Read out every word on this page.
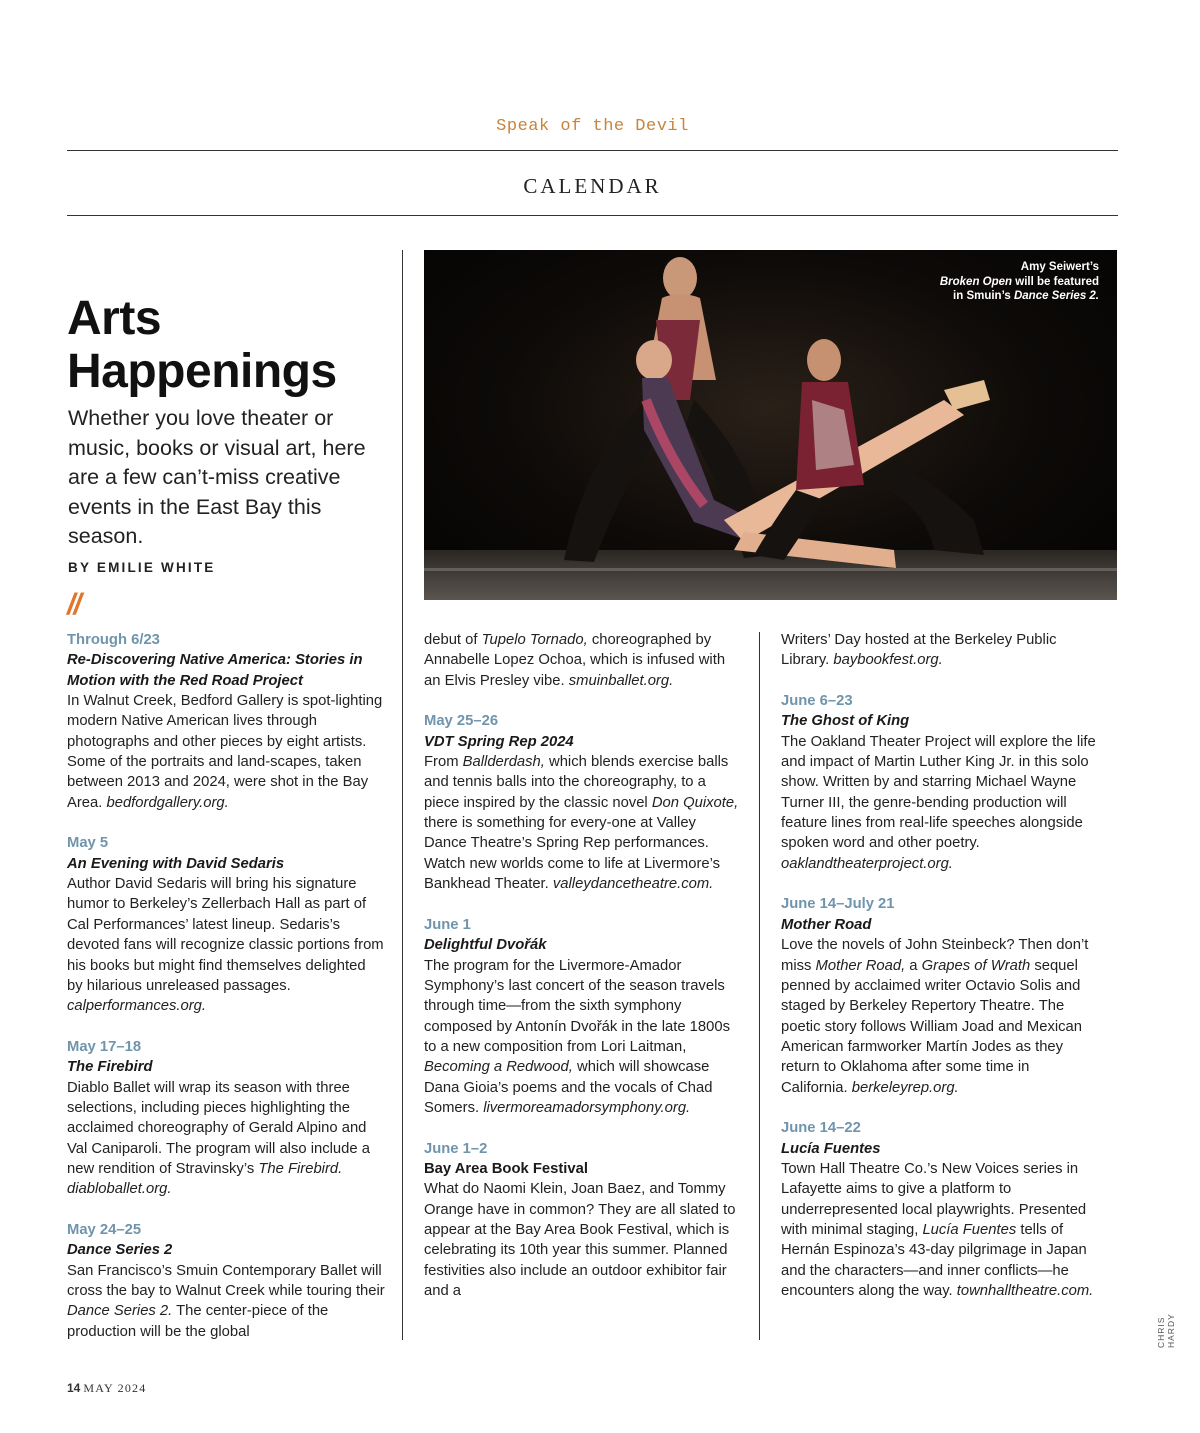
Speak of the Devil
CALENDAR
Arts
Happenings
Whether you love theater or music, books or visual art, here are a few can’t-miss creative events in the East Bay this season.
BY EMILIE WHITE
//
Amy Seiwert’s
Broken Open will be featured in Smuin’s Dance Series 2.
Through 6/23
Re-Discovering Native America: Stories in Motion with the Red Road Project
In Walnut Creek, Bedford Gallery is spot-lighting modern Native American lives through photographs and other pieces by eight artists. Some of the portraits and land-scapes, taken between 2013 and 2024, were shot in the Bay Area. bedfordgallery.org.
May 5
An Evening with David Sedaris
Author David Sedaris will bring his signature humor to Berkeley’s Zellerbach Hall as part of Cal Performances’ latest lineup. Sedaris’s devoted fans will recognize classic portions from his books but might find themselves delighted by hilarious unreleased passages. calperformances.org.
May 17–18
The Firebird
Diablo Ballet will wrap its season with three selections, including pieces highlighting the acclaimed choreography of Gerald Alpino and Val Caniparoli. The program will also include a new rendition of Stravinsky’s The Firebird. diabloballet.org.
May 24–25
Dance Series 2
San Francisco’s Smuin Contemporary Ballet will cross the bay to Walnut Creek while touring their Dance Series 2. The center-piece of the production will be the global
debut of Tupelo Tornado, choreographed by Annabelle Lopez Ochoa, which is infused with an Elvis Presley vibe. smuinballet.org.
May 25–26
VDT Spring Rep 2024
From Ballderdash, which blends exercise balls and tennis balls into the choreography, to a piece inspired by the classic novel Don Quixote, there is something for every-one at Valley Dance Theatre’s Spring Rep performances. Watch new worlds come to life at Livermore’s Bankhead Theater. valleydancetheatre.com.
June 1
Delightful Dvořák
The program for the Livermore-Amador Symphony’s last concert of the season travels through time—from the sixth symphony composed by Antonín Dvořák in the late 1800s to a new composition from Lori Laitman, Becoming a Redwood, which will showcase Dana Gioia’s poems and the vocals of Chad Somers. livermoreamadorsymphony.org.
June 1–2
Bay Area Book Festival
What do Naomi Klein, Joan Baez, and Tommy Orange have in common? They are all slated to appear at the Bay Area Book Festival, which is celebrating its 10th year this summer. Planned festivities also include an outdoor exhibitor fair and a
Writers’ Day hosted at the Berkeley Public Library. baybookfest.org.
June 6–23
The Ghost of King
The Oakland Theater Project will explore the life and impact of Martin Luther King Jr. in this solo show. Written by and starring Michael Wayne Turner III, the genre-bending production will feature lines from real-life speeches alongside spoken word and other poetry. oaklandtheaterproject.org.
June 14–July 21
Mother Road
Love the novels of John Steinbeck? Then don’t miss Mother Road, a Grapes of Wrath sequel penned by acclaimed writer Octavio Solis and staged by Berkeley Repertory Theatre. The poetic story follows William Joad and Mexican American farmworker Martín Jodes as they return to Oklahoma after some time in California. berkeleyrep.org.
June 14–22
Lucía Fuentes
Town Hall Theatre Co.’s New Voices series in Lafayette aims to give a platform to underrepresented local playwrights. Presented with minimal staging, Lucía Fuentes tells of Hernán Espinoza’s 43-day pilgrimage in Japan and the characters—and inner conflicts—he encounters along the way. townhalltheatre.com.
CHRIS HARDY
14 MAY 2024
